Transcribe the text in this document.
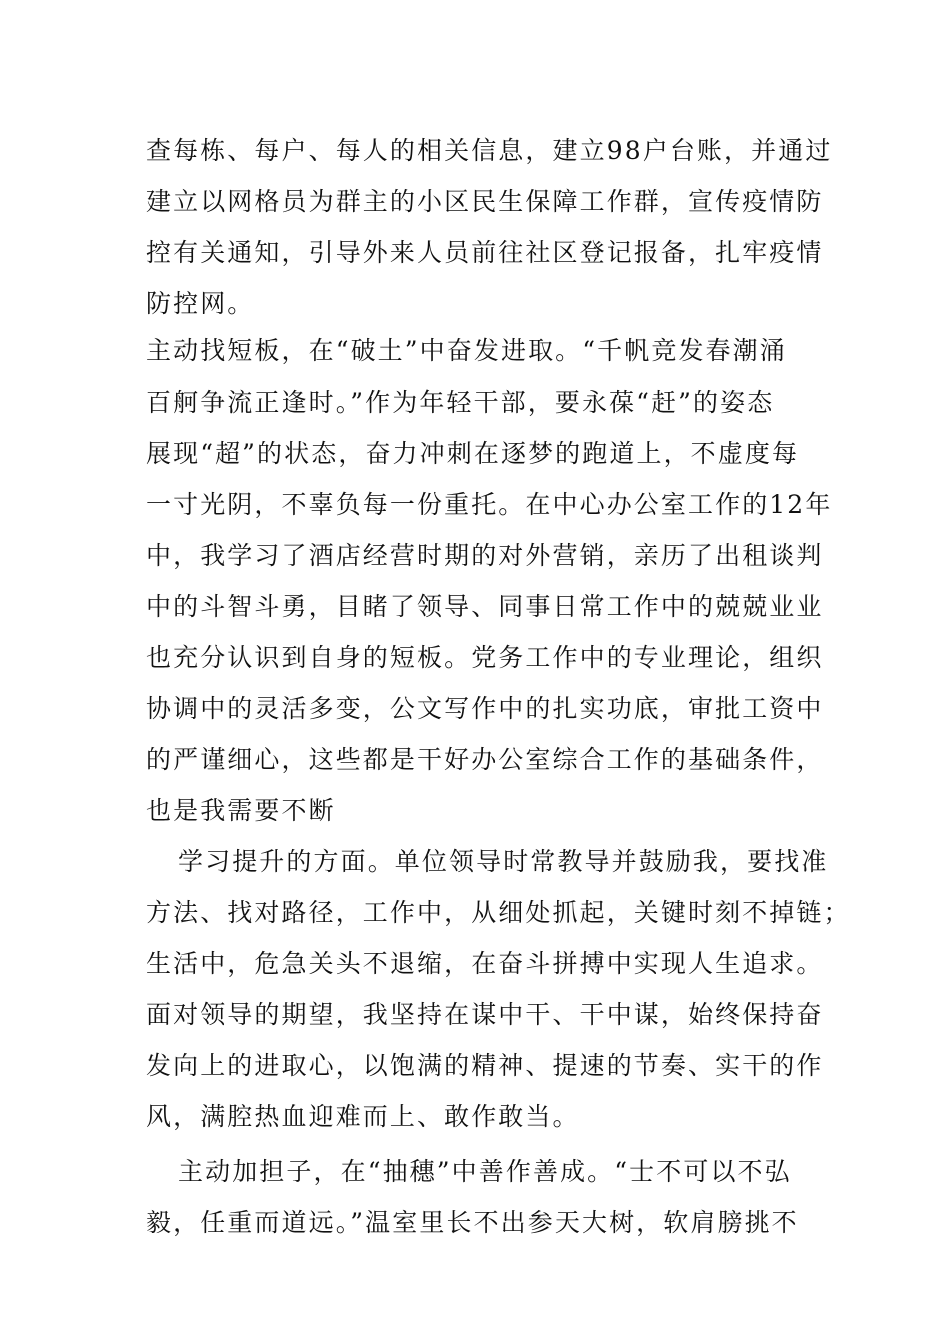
查每栋、每户、每人的相关信息，建立98户台账，并通过

建立以网格员为群主的小区民生保障工作群，宣传疫情防

控有关通知，引导外来人员前往社区登记报备，扎牢疫情

防控网。

主动找短板，在“破土”中奋发进取。“千帆竞发春潮涌

百舸争流正逢时。”作为年轻干部，要永葆“赶”的姿态

展现“超”的状态，奋力冲刺在逐梦的跑道上，不虚度每

一寸光阴，不辜负每一份重托。在中心办公室工作的12年

中，我学习了酒店经营时期的对外营销，亲历了出租谈判

中的斗智斗勇，目睹了领导、同事日常工作中的兢兢业业

也充分认识到自身的短板。党务工作中的专业理论，组织

协调中的灵活多变，公文写作中的扎实功底，审批工资中

的严谨细心，这些都是干好办公室综合工作的基础条件，

也是我需要不断

学习提升的方面。单位领导时常教导并鼓励我，要找准

方法、找对路径，工作中，从细处抓起，关键时刻不掉链；

生活中，危急关头不退缩，在奋斗拼搏中实现人生追求。

面对领导的期望，我坚持在谋中干、干中谋，始终保持奋

发向上的进取心，以饱满的精神、提速的节奏、实干的作

风，满腔热血迎难而上、敢作敢当。

主动加担子，在“抽穗”中善作善成。“士不可以不弘

毅，任重而道远。”温室里长不出参天大树，软肩膀挑不
